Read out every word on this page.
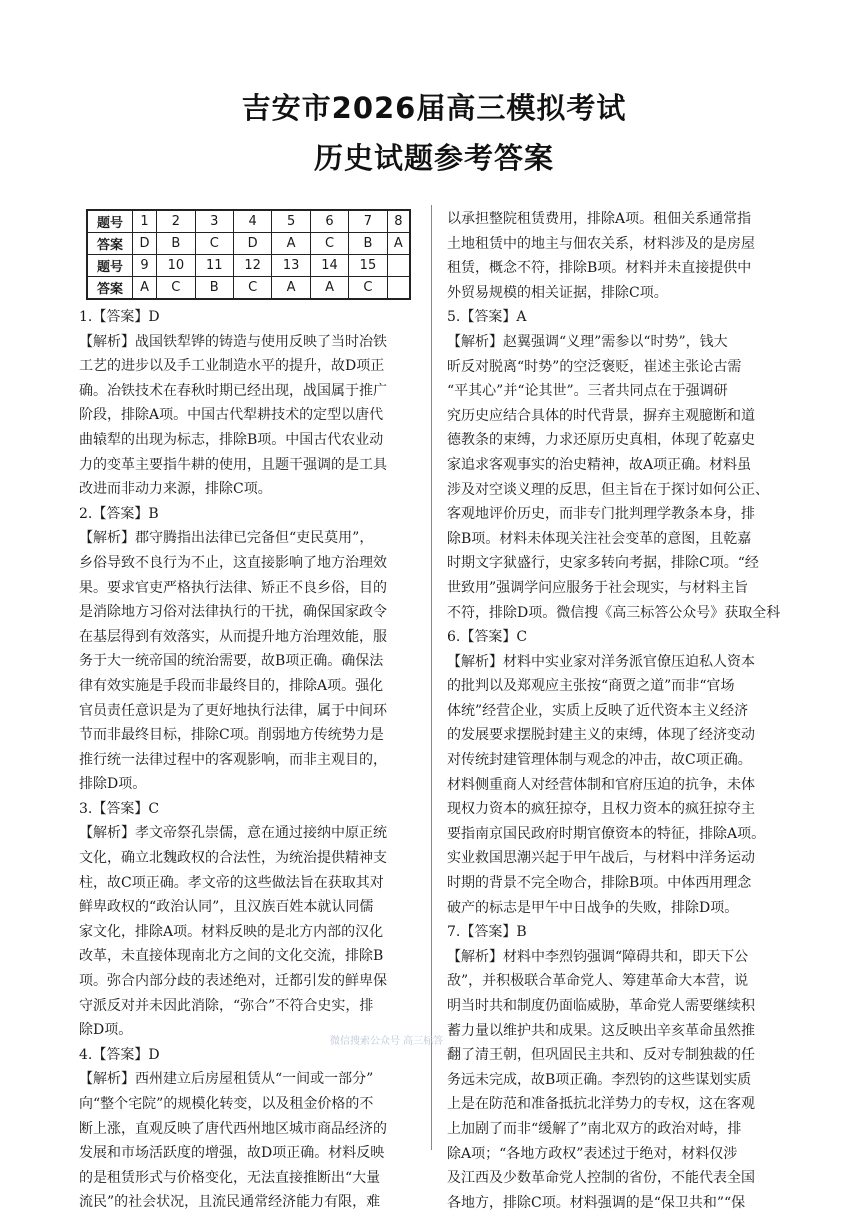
吉安市2026届高三模拟考试
历史试题参考答案
题号	1	2	3	4	5	6	7	8
答案	D	B	C	D	A	C	B	A
题号	9	10	11	12	13	14	15	
答案	A	C	B	C	A	A	C	
1.【答案】D
【解析】战国铁犁铧的铸造与使用反映了当时冶铁
工艺的进步以及手工业制造水平的提升，故D项正
确。冶铁技术在春秋时期已经出现，战国属于推广
阶段，排除A项。中国古代犁耕技术的定型以唐代
曲辕犁的出现为标志，排除B项。中国古代农业动
力的变革主要指牛耕的使用，且题干强调的是工具
改进而非动力来源，排除C项。
2.【答案】B
【解析】郡守腾指出法律已完备但“吏民莫用”，
乡俗导致不良行为不止，这直接影响了地方治理效
果。要求官吏严格执行法律、矫正不良乡俗，目的
是消除地方习俗对法律执行的干扰，确保国家政令
在基层得到有效落实，从而提升地方治理效能，服
务于大一统帝国的统治需要，故B项正确。确保法
律有效实施是手段而非最终目的，排除A项。强化
官员责任意识是为了更好地执行法律，属于中间环
节而非最终目标，排除C项。削弱地方传统势力是
推行统一法律过程中的客观影响，而非主观目的，
排除D项。
3.【答案】C
【解析】孝文帝祭孔崇儒，意在通过接纳中原正统
文化，确立北魏政权的合法性，为统治提供精神支
柱，故C项正确。孝文帝的这些做法旨在获取其对
鲜卑政权的“政治认同”，且汉族百姓本就认同儒
家文化，排除A项。材料反映的是北方内部的汉化
改革，未直接体现南北方之间的文化交流，排除B
项。弥合内部分歧的表述绝对，迁都引发的鲜卑保
守派反对并未因此消除，“弥合”不符合史实，排
除D项。
4.【答案】D
【解析】西州建立后房屋租赁从“一间或一部分”
向“整个宅院”的规模化转变，以及租金价格的不
断上涨，直观反映了唐代西州地区城市商品经济的
发展和市场活跃度的增强，故D项正确。材料反映
的是租赁形式与价格变化，无法直接推断出“大量
流民”的社会状况，且流民通常经济能力有限，难
以承担整院租赁费用，排除A项。租佃关系通常指
土地租赁中的地主与佃农关系，材料涉及的是房屋
租赁，概念不符，排除B项。材料并未直接提供中
外贸易规模的相关证据，排除C项。
5.【答案】A
【解析】赵翼强调“义理”需参以“时势”，钱大
昕反对脱离“时势”的空泛褒贬，崔述主张论古需
“平其心”并“论其世”。三者共同点在于强调研
究历史应结合具体的时代背景，摒弃主观臆断和道
德教条的束缚，力求还原历史真相，体现了乾嘉史
家追求客观事实的治史精神，故A项正确。材料虽
涉及对空谈义理的反思，但主旨在于探讨如何公正、
客观地评价历史，而非专门批判理学教条本身，排
除B项。材料未体现关注社会变革的意图，且乾嘉
时期文字狱盛行，史家多转向考据，排除C项。“经
世致用”强调学问应服务于社会现实，与材料主旨
不符，排除D项。微信搜《高三标答公众号》获取全科
6.【答案】C
【解析】材料中实业家对洋务派官僚压迫私人资本
的批判以及郑观应主张按“商贾之道”而非“官场
体统”经营企业，实质上反映了近代资本主义经济
的发展要求摆脱封建主义的束缚，体现了经济变动
对传统封建管理体制与观念的冲击，故C项正确。
材料侧重商人对经营体制和官府压迫的抗争，未体
现权力资本的疯狂掠夺，且权力资本的疯狂掠夺主
要指南京国民政府时期官僚资本的特征，排除A项。
实业救国思潮兴起于甲午战后，与材料中洋务运动
时期的背景不完全吻合，排除B项。中体西用理念
破产的标志是甲午中日战争的失败，排除D项。
7.【答案】B
【解析】材料中李烈钧强调“障碍共和，即天下公
敌”，并积极联合革命党人、筹建革命大本营，说
明当时共和制度仍面临威胁，革命党人需要继续积
蓄力量以维护共和成果。这反映出辛亥革命虽然推
翻了清王朝，但巩固民主共和、反对专制独裁的任
务远未完成，故B项正确。李烈钧的这些谋划实质
上是在防范和准备抵抗北洋势力的专权，这在客观
上加剧了而非“缓解了”南北双方的政治对峙，排
除A项；“各地方政权”表述过于绝对，材料仅涉
及江西及少数革命党人控制的省份，不能代表全国
各地方，排除C项。材料强调的是“保卫共和”“保
微信搜索公众号 高三标答
